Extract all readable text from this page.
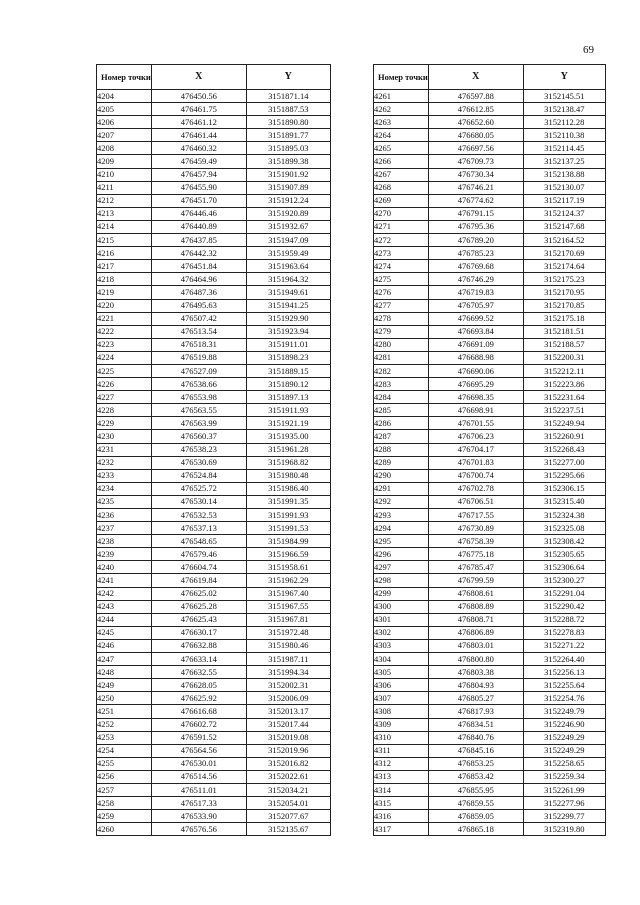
69
Номер точки	X	Y
4204	476450.56	3151871.14
4205	476461.75	3151887.53
4206	476461.12	3151890.80
4207	476461.44	3151891.77
4208	476460.32	3151895.03
4209	476459.49	3151899.38
4210	476457.94	3151901.92
4211	476455.90	3151907.89
4212	476451.70	3151912.24
4213	476446.46	3151920.89
4214	476440.89	3151932.67
4215	476437.85	3151947.09
4216	476442.32	3151959.49
4217	476451.84	3151963.64
4218	476464.96	3151964.32
4219	476487.36	3151949.61
4220	476495.63	3151941.25
4221	476507.42	3151929.90
4222	476513.54	3151923.94
4223	476518.31	3151911.01
4224	476519.88	3151898.23
4225	476527.09	3151889.15
4226	476538.66	3151890.12
4227	476553.98	3151897.13
4228	476563.55	3151911.93
4229	476563.99	3151921.19
4230	476560.37	3151935.00
4231	476538.23	3151961.28
4232	476530.69	3151968.82
4233	476524.84	3151980.48
4234	476525.72	3151986.40
4235	476530.14	3151991.35
4236	476532.53	3151991.93
4237	476537.13	3151991.53
4238	476548.65	3151984.99
4239	476579.46	3151966.59
4240	476604.74	3151958.61
4241	476619.84	3151962.29
4242	476625.02	3151967.40
4243	476625.28	3151967.55
4244	476625.43	3151967.81
4245	476630.17	3151972.48
4246	476632.88	3151980.46
4247	476633.14	3151987.11
4248	476632.55	3151994.34
4249	476628.05	3152002.31
4250	476625.92	3152006.09
4251	476616.68	3152013.17
4252	476602.72	3152017.44
4253	476591.52	3152019.08
4254	476564.56	3152019.96
4255	476530.01	3152016.82
4256	476514.56	3152022.61
4257	476511.01	3152034.21
4258	476517.33	3152054.01
4259	476533.90	3152077.67
4260	476576.56	3152135.67
Номер точки	X	Y
4261	476597.88	3152145.51
4262	476612.85	3152138.47
4263	476652.60	3152112.28
4264	476680.05	3152110.38
4265	476697.56	3152114.45
4266	476709.73	3152137.25
4267	476730.34	3152138.88
4268	476746.21	3152130.07
4269	476774.62	3152117.19
4270	476791.15	3152124.37
4271	476795.36	3152147.68
4272	476789.20	3152164.52
4273	476785.23	3152170.69
4274	476769.68	3152174.64
4275	476746.29	3152175.23
4276	476719.83	3152170.95
4277	476705.97	3152170.85
4278	476699.52	3152175.18
4279	476693.84	3152181.51
4280	476691.09	3152188.57
4281	476688.98	3152200.31
4282	476690.06	3152212.11
4283	476695.29	3152223.86
4284	476698.35	3152231.64
4285	476698.91	3152237.51
4286	476701.55	3152249.94
4287	476706.23	3152260.91
4288	476704.17	3152268.43
4289	476701.83	3152277.00
4290	476700.74	3152295.66
4291	476702.78	3152306.15
4292	476706.51	3152315.40
4293	476717.55	3152324.38
4294	476730.89	3152325.08
4295	476758.39	3152308.42
4296	476775.18	3152305.65
4297	476785.47	3152306.64
4298	476799.59	3152300.27
4299	476808.61	3152291.04
4300	476808.89	3152290.42
4301	476808.71	3152288.72
4302	476806.89	3152278.83
4303	476803.01	3152271.22
4304	476800.80	3152264.40
4305	476803.38	3152256.13
4306	476804.93	3152255.64
4307	476805.27	3152254.76
4308	476817.93	3152249.79
4309	476834.51	3152246.90
4310	476840.76	3152249.29
4311	476845.16	3152249.29
4312	476853.25	3152258.65
4313	476853.42	3152259.34
4314	476855.95	3152261.99
4315	476859.55	3152277.96
4316	476859.05	3152299.77
4317	476865.18	3152319.80
